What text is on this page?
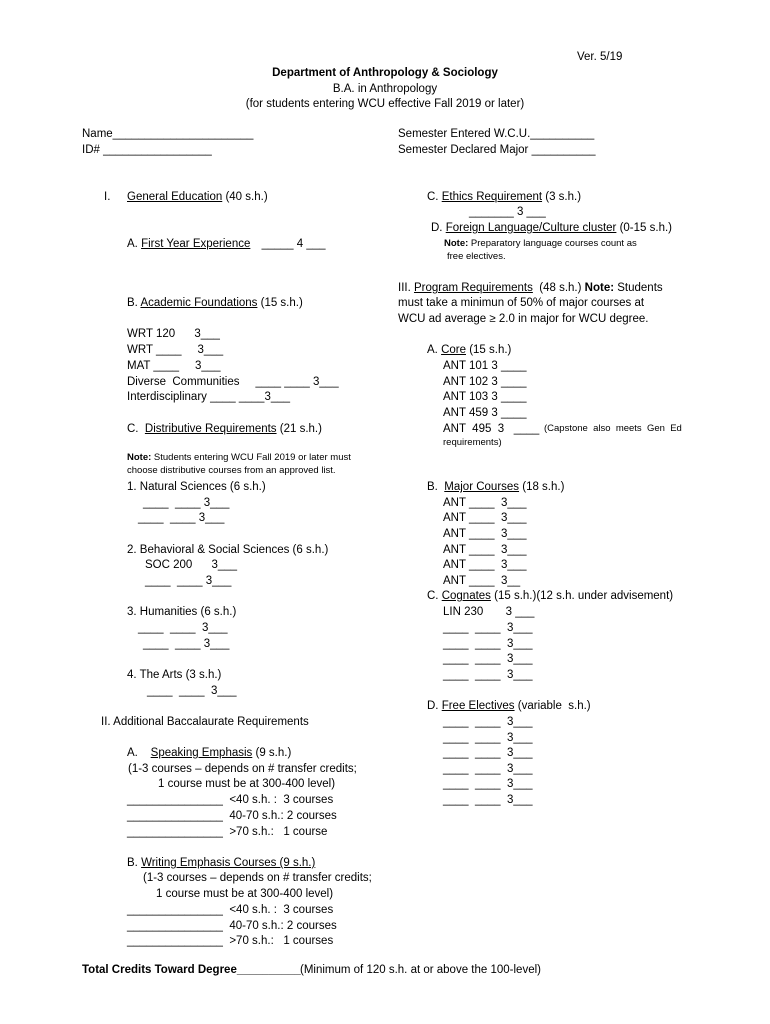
Ver. 5/19
Department of Anthropology & Sociology
B.A. in Anthropology
(for students entering WCU effective Fall 2019 or later)
Name______________________
ID# _________________
Semester Entered W.C.U.__________
Semester Declared Major __________
I. General Education (40 s.h.)
A. First Year Experience _____ 4 ___
B. Academic Foundations (15 s.h.)
WRT 120      3___
WRT ____     3___
MAT ____     3___
Diverse  Communities     ____ ____ 3___
Interdisciplinary ____ ____3___
C.  Distributive Requirements (21 s.h.)
Note: Students entering WCU Fall 2019 or later must
choose distributive courses from an approved list.
1. Natural Sciences (6 s.h.)
____  ____ 3___
____  ____ 3___
2. Behavioral & Social Sciences (6 s.h.)
SOC 200      3___
____  ____ 3___
3. Humanities (6 s.h.)
____  ____  3___
____  ____ 3___
4. The Arts (3 s.h.)
____  ____  3___
II. Additional Baccalaurate Requirements
A.    Speaking Emphasis (9 s.h.)
(1-3 courses – depends on # transfer credits;
1 course must be at 300-400 level)
_______________  <40 s.h. :  3 courses
_______________  40-70 s.h.: 2 courses
_______________  >70 s.h.:   1 course
B. Writing Emphasis Courses (9 s.h.)
(1-3 courses – depends on # transfer credits;
1 course must be at 300-400 level)
_______________  <40 s.h. :  3 courses
_______________  40-70 s.h.: 2 courses
_______________  >70 s.h.:   1 courses
C. Ethics Requirement (3 s.h.)
_______ 3 ___
D. Foreign Language/Culture cluster (0-15 s.h.)
Note: Preparatory language courses count as
free electives.
III. Program Requirements  (48 s.h.) Note: Students
must take a minimun of 50% of major courses at
WCU ad average ≥ 2.0 in major for WCU degree.
A. Core (15 s.h.)
ANT 101 3 ____
ANT 102 3 ____
ANT 103 3 ____
ANT 459 3 ____
ANT  495  3   ____ (Capstone  also  meets  Gen  Ed
requirements)
B.  Major Courses (18 s.h.)
ANT ____  3___
ANT ____  3___
ANT ____  3___
ANT ____  3___
ANT ____  3___
ANT ____  3__
C. Cognates (15 s.h.)(12 s.h. under advisement)
LIN 230       3 ___
____  ____  3___
____  ____  3___
____  ____  3___
____  ____  3___
D. Free Electives (variable  s.h.)
____  ____  3___
____  ____  3___
____  ____  3___
____  ____  3___
____  ____  3___
____  ____  3___
Total Credits Toward Degree__________ (Minimum of 120 s.h. at or above the 100-level)
